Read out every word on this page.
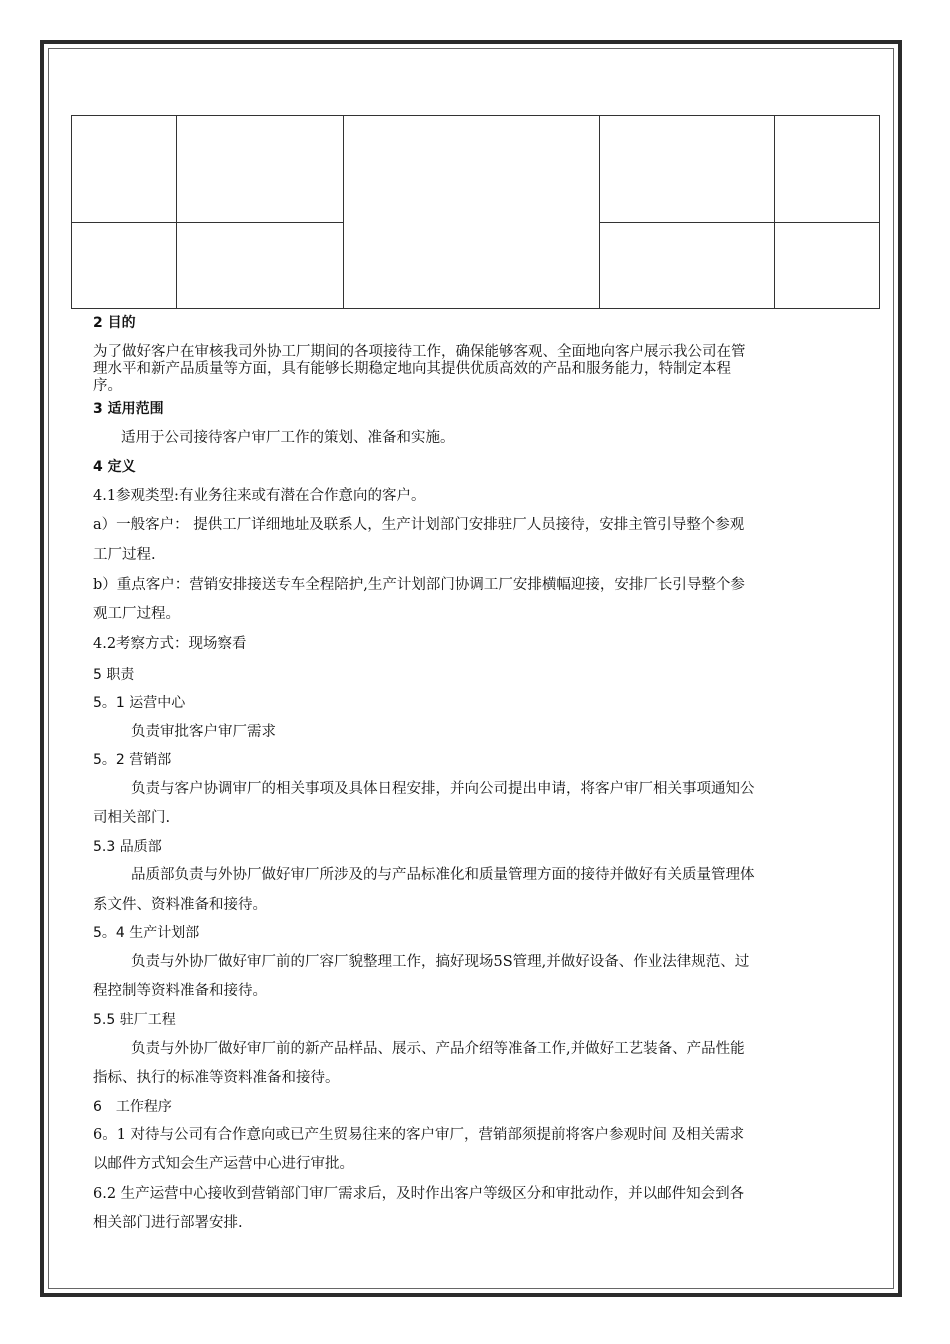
2 目的
为了做好客户在审核我司外协工厂期间的各项接待工作，确保能够客观、全面地向客户展示我公司在管
理水平和新产品质量等方面，具有能够长期稳定地向其提供优质高效的产品和服务能力，特制定本程
序。
3 适用范围
适用于公司接待客户审厂工作的策划、准备和实施。
4 定义
4.1参观类型:有业务往来或有潜在合作意向的客户。
a）一般客户： 提供工厂详细地址及联系人，生产计划部门安排驻厂人员接待，安排主管引导整个参观
工厂过程.
b）重点客户：营销安排接送专车全程陪护,生产计划部门协调工厂安排横幅迎接，安排厂长引导整个参
观工厂过程。
4.2考察方式：现场察看
5 职责
5。1 运营中心
负责审批客户审厂需求
5。2 营销部
负责与客户协调审厂的相关事项及具体日程安排，并向公司提出申请，将客户审厂相关事项通知公
司相关部门.
5.3 品质部
品质部负责与外协厂做好审厂所涉及的与产品标准化和质量管理方面的接待并做好有关质量管理体
系文件、资料准备和接待。
5。4 生产计划部
负责与外协厂做好审厂前的厂容厂貌整理工作，搞好现场5S管理,并做好设备、作业法律规范、过
程控制等资料准备和接待。
5.5 驻厂工程
负责与外协厂做好审厂前的新产品样品、展示、产品介绍等准备工作,并做好工艺装备、产品性能
指标、执行的标准等资料准备和接待。
6　工作程序
6。1 对待与公司有合作意向或已产生贸易往来的客户审厂，营销部须提前将客户参观时间 及相关需求
以邮件方式知会生产运营中心进行审批。
6.2 生产运营中心接收到营销部门审厂需求后，及时作出客户等级区分和审批动作，并以邮件知会到各
相关部门进行部署安排.
